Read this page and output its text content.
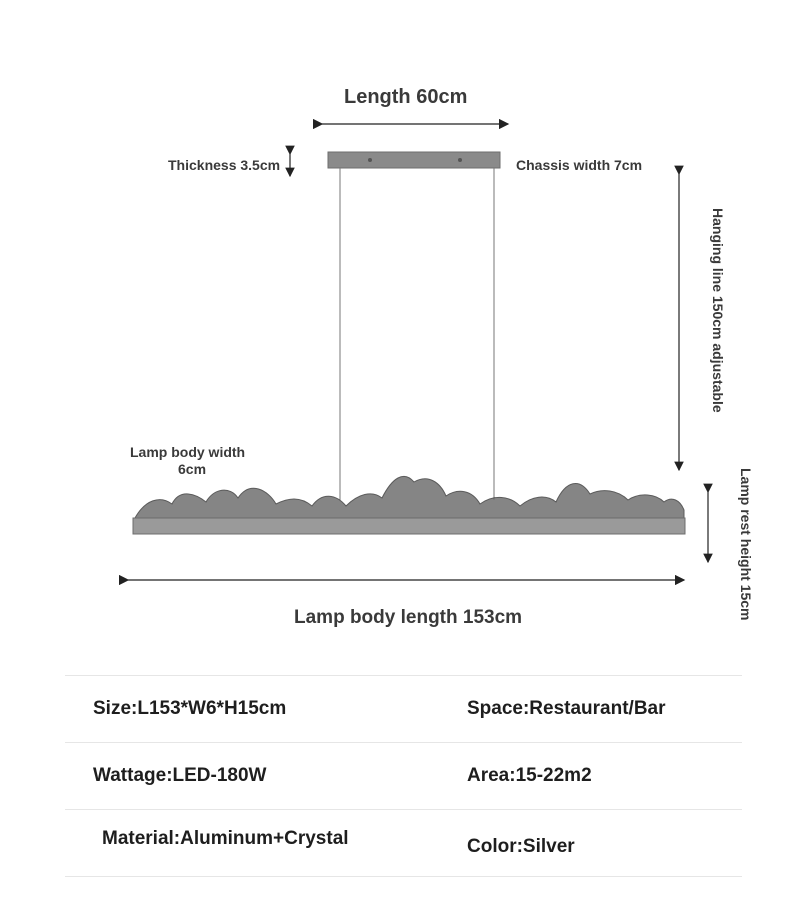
Length 60cm
Thickness 3.5cm	Chassis width 7cm
Hanging line 150cm adjustable
Lamp body width
6cm	Lamp rest height 15cm
Lamp body length 153cm
Size:L153*W6*H15cm	Space:Restaurant/Bar
Wattage:LED-180W	Area:15-22m2
Material:Aluminum+Crystal	Color:Silver
